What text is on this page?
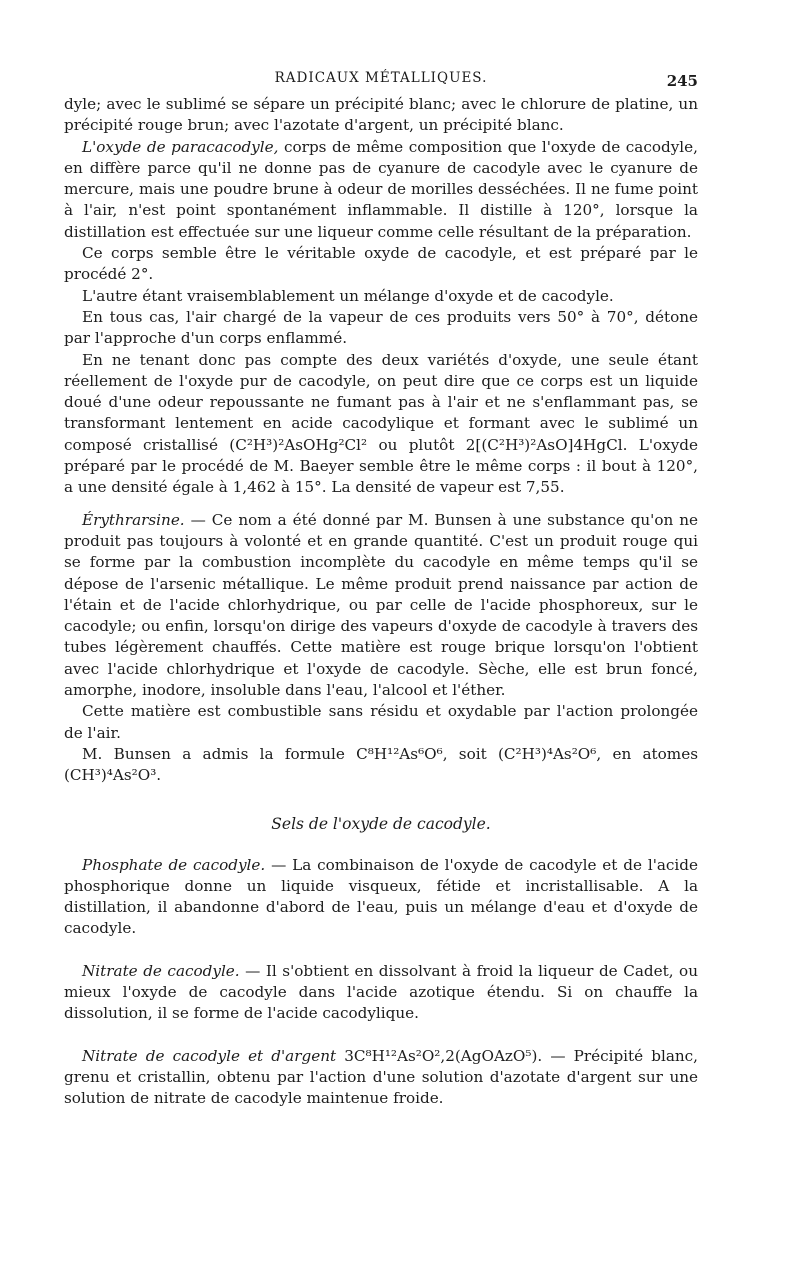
RADICAUX MÉTALLIQUES.	245

dyle; avec le sublimé se sépare un précipité blanc; avec le chlorure de platine, un précipité rouge brun; avec l'azotate d'argent, un précipité blanc.

L'oxyde de paracacodyle, corps de même composition que l'oxyde de cacodyle, en diffère parce qu'il ne donne pas de cyanure de cacodyle avec le cyanure de mercure, mais une poudre brune à odeur de morilles desséchées. Il ne fume point à l'air, n'est point spontanément inflammable. Il distille à 120°, lorsque la distillation est effectuée sur une liqueur comme celle résultant de la préparation.

Ce corps semble être le véritable oxyde de cacodyle, et est préparé par le procédé 2°.

L'autre étant vraisemblablement un mélange d'oxyde et de cacodyle.

En tous cas, l'air chargé de la vapeur de ces produits vers 50° à 70°, détone par l'approche d'un corps enflammé.

En ne tenant donc pas compte des deux variétés d'oxyde, une seule étant réellement de l'oxyde pur de cacodyle, on peut dire que ce corps est un liquide doué d'une odeur repoussante ne fumant pas à l'air et ne s'enflammant pas, se transformant lentement en acide cacodylique et formant avec le sublimé un composé cristallisé (C²H³)²AsOHg²Cl² ou plutôt 2[(C²H³)²AsO]4HgCl. L'oxyde préparé par le procédé de M. Baeyer semble être le même corps : il bout à 120°, a une densité égale à 1,462 à 15°. La densité de vapeur est 7,55.

Érythrarsine. — Ce nom a été donné par M. Bunsen à une substance qu'on ne produit pas toujours à volonté et en grande quantité. C'est un produit rouge qui se forme par la combustion incomplète du cacodyle en même temps qu'il se dépose de l'arsenic métallique. Le même produit prend naissance par action de l'étain et de l'acide chlorhydrique, ou par celle de l'acide phosphoreux, sur le cacodyle; ou enfin, lorsqu'on dirige des vapeurs d'oxyde de cacodyle à travers des tubes légèrement chauffés. Cette matière est rouge brique lorsqu'on l'obtient avec l'acide chlorhydrique et l'oxyde de cacodyle. Sèche, elle est brun foncé, amorphe, inodore, insoluble dans l'eau, l'alcool et l'éther.

Cette matière est combustible sans résidu et oxydable par l'action prolongée de l'air.

M. Bunsen a admis la formule C⁸H¹²As⁶O⁶, soit (C²H³)⁴As²O⁶, en atomes (CH³)⁴As²O³.

Sels de l'oxyde de cacodyle.

Phosphate de cacodyle. — La combinaison de l'oxyde de cacodyle et de l'acide phosphorique donne un liquide visqueux, fétide et incristallisable. A la distillation, il abandonne d'abord de l'eau, puis un mélange d'eau et d'oxyde de cacodyle.

Nitrate de cacodyle. — Il s'obtient en dissolvant à froid la liqueur de Cadet, ou mieux l'oxyde de cacodyle dans l'acide azotique étendu. Si on chauffe la dissolution, il se forme de l'acide cacodylique.

Nitrate de cacodyle et d'argent 3C⁸H¹²As²O²,2(AgOAzO⁵). — Précipité blanc, grenu et cristallin, obtenu par l'action d'une solution d'azotate d'argent sur une solution de nitrate de cacodyle maintenue froide.
